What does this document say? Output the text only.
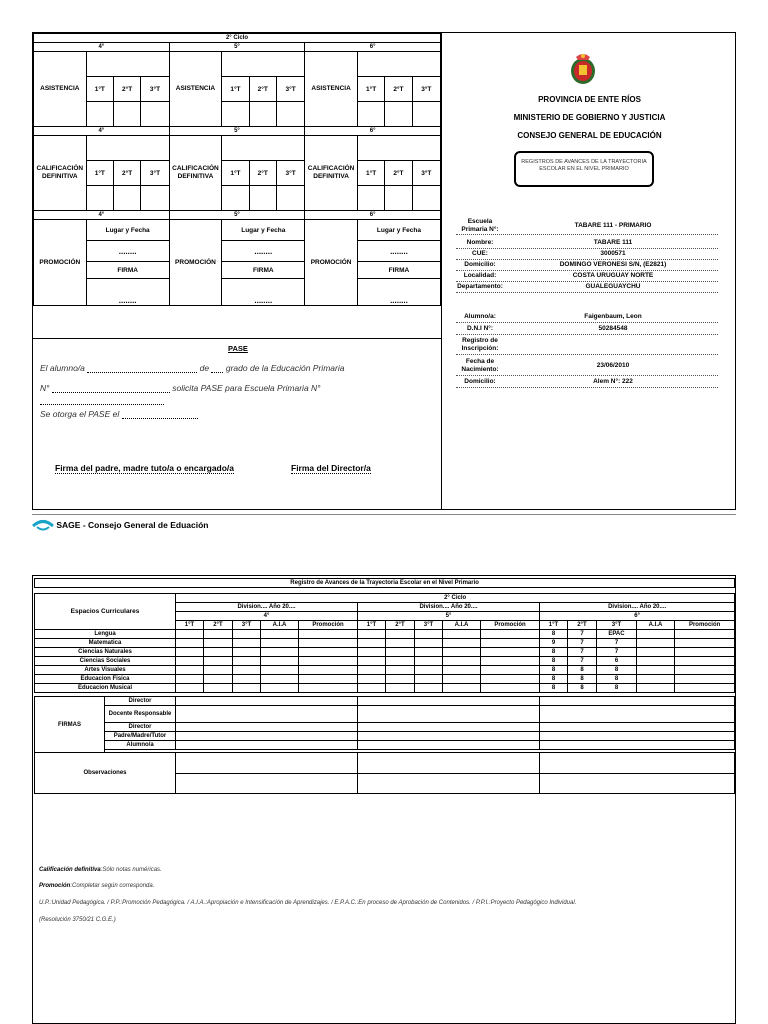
2° Ciclo											
4°				5°				6°			
ASISTENCIA				ASISTENCIA				ASISTENCIA			
	1°T	2°T	3°T		1°T	2°T	3°T		1°T	2°T	3°T

4°				5°				6°			
CALIFICACIÓN DEFINITIVA				CALIFICACIÓN DEFINITIVA				CALIFICACIÓN DEFINITIVA			
	1°T	2°T	3°T		1°T	2°T	3°T		1°T	2°T	3°T

4°				5°				6°			
PROMOCIÓN	Lugar y Fecha			PROMOCIÓN	Lugar y Fecha			PROMOCIÓN	Lugar y Fecha		
	........				........				........		
	FIRMA				FIRMA				FIRMA		
	........				........				........		
PASE
El alumno/a	de grado de la Educación Primaria
N°	solicita PASE para Escuela Primaria N°
Se otorga el PASE el
Firma del padre, madre tuto/a o encargado/a	Firma del Director/a
PROVINCIA DE ENTE RÍOS
MINISTERIO DE GOBIERNO Y JUSTICIA
CONSEJO GENERAL DE EDUCACIÓN
REGISTROS DE AVANCES DE LA TRAYECTORIA ESCOLAR EN EL NIVEL PRIMARIO
Escuela Primaria N°:
TABARE 111 - PRIMARIO
Nombre:	TABARE 111
CUE:	3000571
Domicilio:	DOMINGO VERONESI S/N, (E2821)
Localidad:	COSTA URUGUAY NORTE
Departamento:	GUALEGUAYCHU
Alumno/a:	Faigenbaum, Leon
D.N.I N°:	50284548
Registro de Inscripción:
Fecha de Nacimiento:
23/06/2010
Domicilio:	Alem N°: 222
SAGE - Consejo General de Eduación
Registro de Avances de la Trayectoria Escolar en el Nivel Primario																

Espacios Curriculares		2° Ciclo														
		Division.... Año 20....					Division.... Año 20....					Division.... Año 20....				
		4°					5°					6°				
		1°T	2°T	3°T	A.I.A	Promoción	1°T	2°T	3°T	A.I.A	Promoción	1°T	2°T	3°T	A.I.A	Promoción
Lengua												8	7	EPAC		
Matematica												9	7	7		
Ciencias Naturales												8	7	7		
Ciencias Sociales												8	7	6		
Artes Visuales												8	8	8		
Educacion Fisica												8	8	8		
Educacion Musical												8	8	8		

FIRMAS	Director															
	Docente Responsable															
	Director															
	Padre/Madre/Tutor															
	Alumno/a															

Observaciones																

Calificación definitiva:Sólo notas numéricas.
Promoción:Completar según corresponda.
U.P.:Unidad Pedagógica. / P.P.:Promoción Pedagógica. / A.I.A.:Apropiación e Intensificación de Aprendizajes. / E.P.A.C.:En proceso de Aprobación de Contenidos. / P.P.I.:Proyecto Pedagógico Individual.
(Resolución 3750/21 C.G.E.)
